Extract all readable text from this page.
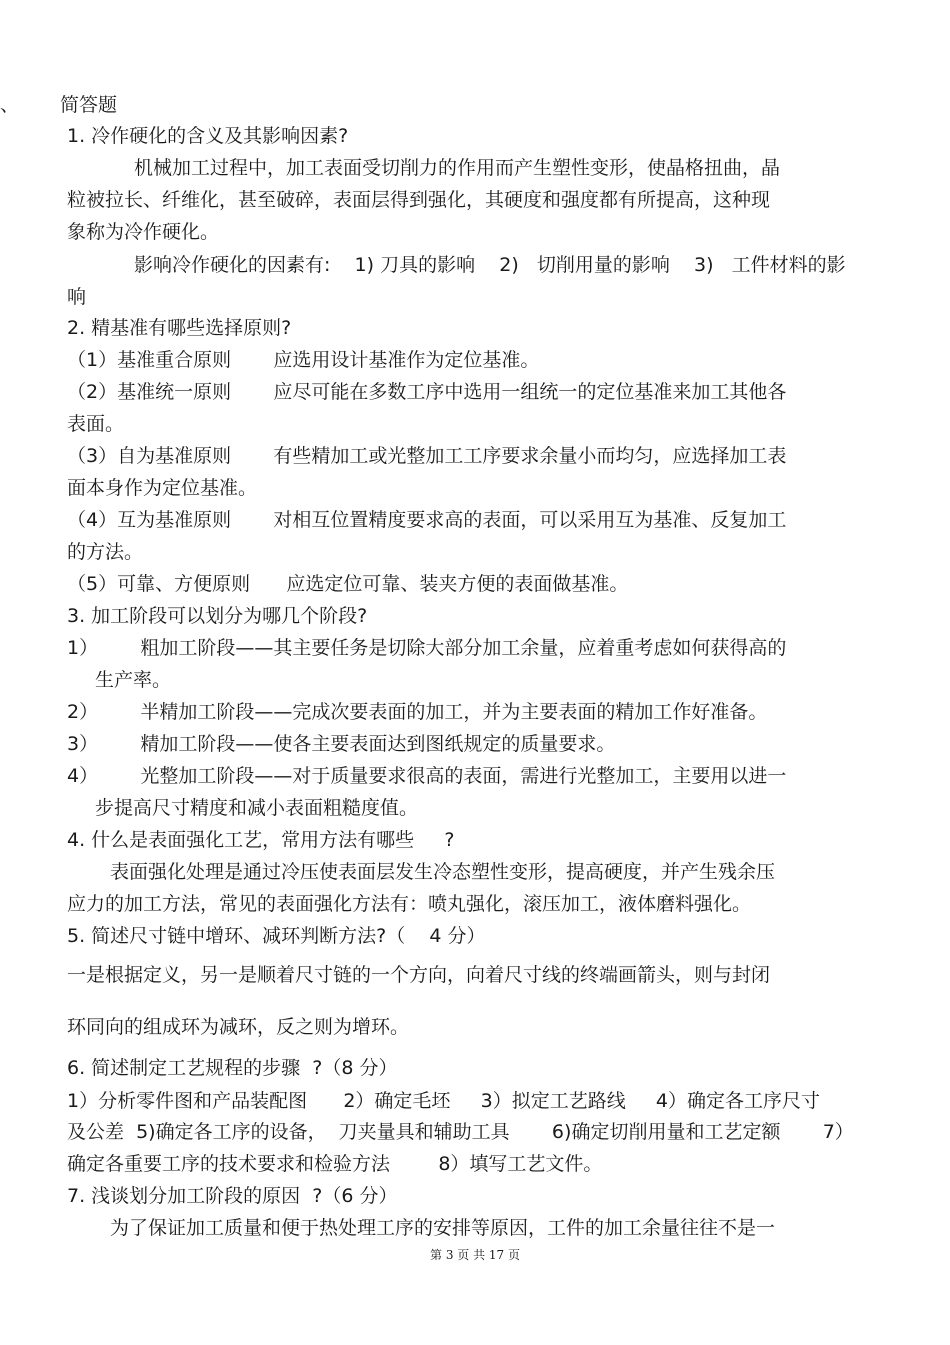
、 简答题
1. 冷作硬化的含义及其影响因素?
机械加工过程中，加工表面受切削力的作用而产生塑性变形，使晶格扭曲，晶
粒被拉长、纤维化，甚至破碎，表面层得到强化，其硬度和强度都有所提高，这种现
象称为冷作硬化。
影响冷作硬化的因素有:    1) 刀具的影响    2)   切削用量的影响    3)   工件材料的影
响
2. 精基准有哪些选择原则?
（1）基准重合原则       应选用设计基准作为定位基准。
（2）基准统一原则       应尽可能在多数工序中选用一组统一的定位基准来加工其他各
表面。
（3）自为基准原则       有些精加工或光整加工工序要求余量小而均匀，应选择加工表
面本身作为定位基准。
（4）互为基准原则       对相互位置精度要求高的表面，可以采用互为基准、反复加工
的方法。
（5）可靠、方便原则      应选定位可靠、装夹方便的表面做基准。
3. 加工阶段可以划分为哪几个阶段?
1）       粗加工阶段——其主要任务是切除大部分加工余量，应着重考虑如何获得高的
生产率。
2）       半精加工阶段——完成次要表面的加工，并为主要表面的精加工作好准备。
3）       精加工阶段——使各主要表面达到图纸规定的质量要求。
4）       光整加工阶段——对于质量要求很高的表面，需进行光整加工，主要用以进一
步提高尺寸精度和减小表面粗糙度值。
4. 什么是表面强化工艺，常用方法有哪些     ?
表面强化处理是通过冷压使表面层发生冷态塑性变形，提高硬度，并产生残余压
应力的加工方法，常见的表面强化方法有：喷丸强化，滚压加工，液体磨料强化。
5. 简述尺寸链中增环、减环判断方法?（    4 分）
一是根据定义，另一是顺着尺寸链的一个方向，向着尺寸线的终端画箭头，则与封闭
环同向的组成环为减环，反之则为增环。
6. 简述制定工艺规程的步骤  ?（8 分）
1）分析零件图和产品装配图      2）确定毛坯     3）拟定工艺路线     4）确定各工序尺寸
及公差  5)确定各工序的设备，  刀夹量具和辅助工具       6)确定切削用量和工艺定额       7）
确定各重要工序的技术要求和检验方法        8）填写工艺文件。
7. 浅谈划分加工阶段的原因  ?（6 分）
为了保证加工质量和便于热处理工序的安排等原因，工件的加工余量往往不是一
第 3 页 共 17 页
